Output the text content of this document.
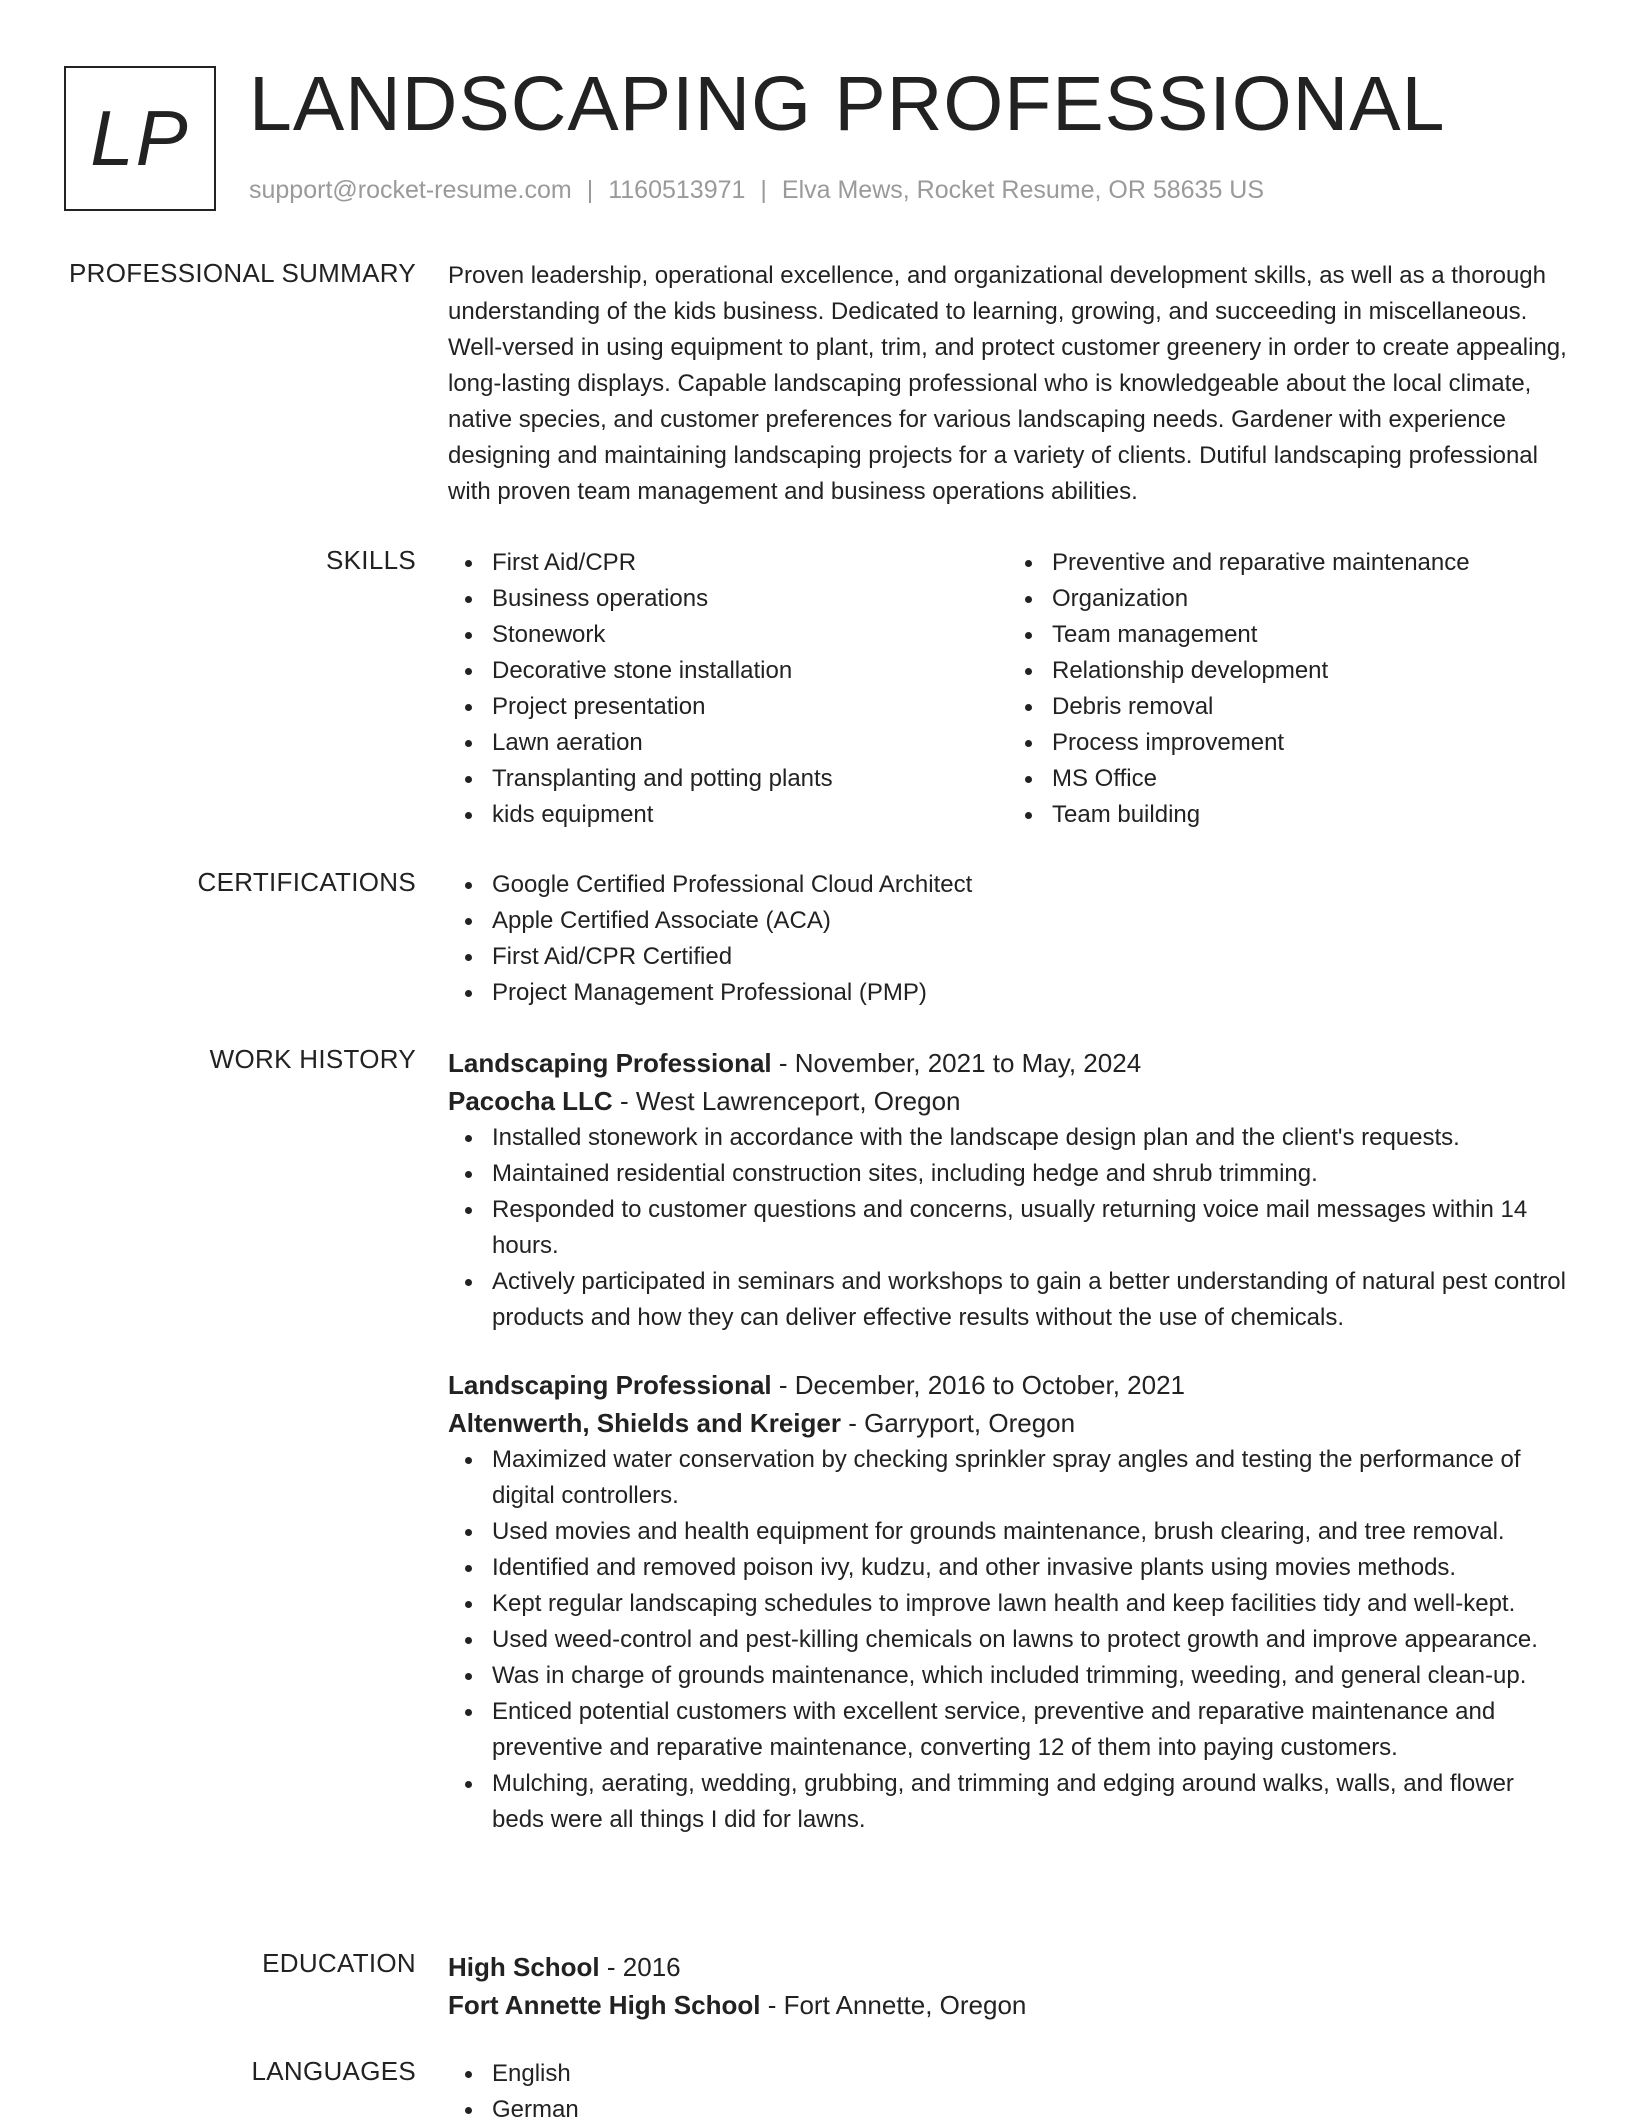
LP LANDSCAPING PROFESSIONAL
support@rocket-resume.com | 1160513971 | Elva Mews, Rocket Resume, OR 58635 US
PROFESSIONAL SUMMARY Proven leadership, operational excellence, and organizational development skills, as well as a thorough understanding of the kids business. Dedicated to learning, growing, and succeeding in miscellaneous. Well-versed in using equipment to plant, trim, and protect customer greenery in order to create appealing, long-lasting displays. Capable landscaping professional who is knowledgeable about the local climate, native species, and customer preferences for various landscaping needs. Gardener with experience designing and maintaining landscaping projects for a variety of clients. Dutiful landscaping professional with proven team management and business operations abilities.

SKILLS	First Aid/CPR
Business operations
Stonework
Decorative stone installation
Project presentation
Lawn aeration
Transplanting and potting plants
kids equipment
Preventive and reparative maintenance
Organization
Team management
Relationship development
Debris removal
Process improvement
MS Office
Team building
CERTIFICATIONS	Google Certified Professional Cloud Architect
Apple Certified Associate (ACA)
First Aid/CPR Certified
Project Management Professional (PMP)
WORK HISTORY Landscaping Professional - November, 2021 to May, 2024
Pacocha LLC - West Lawrenceport, Oregon
Installed stonework in accordance with the landscape design plan and the client's requests.
Maintained residential construction sites, including hedge and shrub trimming.
Responded to customer questions and concerns, usually returning voice mail messages within 14 hours.
Actively participated in seminars and workshops to gain a better understanding of natural pest control products and how they can deliver effective results without the use of chemicals.
Landscaping Professional - December, 2016 to October, 2021
Altenwerth, Shields and Kreiger - Garryport, Oregon
Maximized water conservation by checking sprinkler spray angles and testing the performance of digital controllers.
Used movies and health equipment for grounds maintenance, brush clearing, and tree removal.
Identified and removed poison ivy, kudzu, and other invasive plants using movies methods.
Kept regular landscaping schedules to improve lawn health and keep facilities tidy and well-kept.
Used weed-control and pest-killing chemicals on lawns to protect growth and improve appearance.
Was in charge of grounds maintenance, which included trimming, weeding, and general clean-up.
Enticed potential customers with excellent service, preventive and reparative maintenance and preventive and reparative maintenance, converting 12 of them into paying customers.
Mulching, aerating, wedding, grubbing, and trimming and edging around walks, walls, and flower beds were all things I did for lawns.
EDUCATION High School - 2016
Fort Annette High School - Fort Annette, Oregon
LANGUAGES	English
German
